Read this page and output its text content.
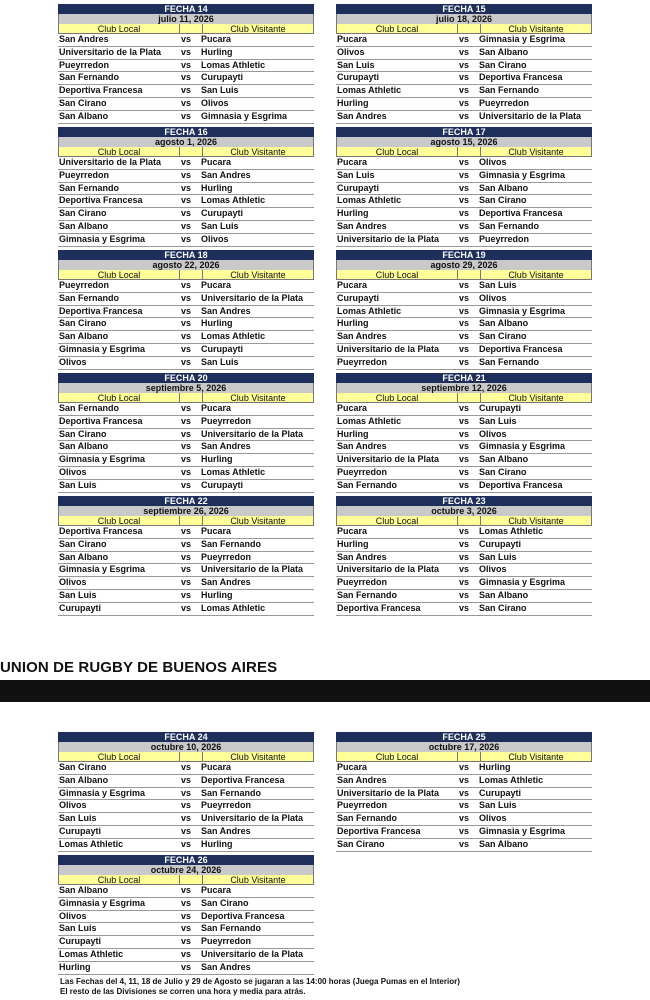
FECHA 14
julio 11, 2026
Club Local	Club Visitante
San Andres	vs	Pucara
Universitario de la Plata	vs	Hurling
Pueyrredon	vs	Lomas Athletic
San Fernando	vs	Curupayti
Deportiva Francesa	vs	San Luis
San Cirano	vs	Olivos
San Albano	vs	Gimnasia y Esgrima
FECHA 15
julio 18, 2026
Club Local	Club Visitante
Pucara	vs	Gimnasia y Esgrima
Olivos	vs	San Albano
San Luis	vs	San Cirano
Curupayti	vs	Deportiva Francesa
Lomas Athletic	vs	San Fernando
Hurling	vs	Pueyrredon
San Andres	vs	Universitario de la Plata
FECHA 16
agosto 1, 2026
Club Local	Club Visitante
Universitario de la Plata	vs	Pucara
Pueyrredon	vs	San Andres
San Fernando	vs	Hurling
Deportiva Francesa	vs	Lomas Athletic
San Cirano	vs	Curupayti
San Albano	vs	San Luis
Gimnasia y Esgrima	vs	Olivos
FECHA 17
agosto 15, 2026
Club Local	Club Visitante
Pucara	vs	Olivos
San Luis	vs	Gimnasia y Esgrima
Curupayti	vs	San Albano
Lomas Athletic	vs	San Cirano
Hurling	vs	Deportiva Francesa
San Andres	vs	San Fernando
Universitario de la Plata	vs	Pueyrredon
FECHA 18
agosto 22, 2026
Club Local	Club Visitante
Pueyrredon	vs	Pucara
San Fernando	vs	Universitario de la Plata
Deportiva Francesa	vs	San Andres
San Cirano	vs	Hurling
San Albano	vs	Lomas Athletic
Gimnasia y Esgrima	vs	Curupayti
Olivos	vs	San Luis
FECHA 19
agosto 29, 2026
Club Local	Club Visitante
Pucara	vs	San Luis
Curupayti	vs	Olivos
Lomas Athletic	vs	Gimnasia y Esgrima
Hurling	vs	San Albano
San Andres	vs	San Cirano
Universitario de la Plata	vs	Deportiva Francesa
Pueyrredon	vs	San Fernando
FECHA 20
septiembre 5, 2026
Club Local	Club Visitante
San Fernando	vs	Pucara
Deportiva Francesa	vs	Pueyrredon
San Cirano	vs	Universitario de la Plata
San Albano	vs	San Andres
Gimnasia y Esgrima	vs	Hurling
Olivos	vs	Lomas Athletic
San Luis	vs	Curupayti
FECHA 21
septiembre 12, 2026
Club Local	Club Visitante
Pucara	vs	Curupayti
Lomas Athletic	vs	San Luis
Hurling	vs	Olivos
San Andres	vs	Gimnasia y Esgrima
Universitario de la Plata	vs	San Albano
Pueyrredon	vs	San Cirano
San Fernando	vs	Deportiva Francesa
FECHA 22
septiembre 26, 2026
Club Local	Club Visitante
Deportiva Francesa	vs	Pucara
San Cirano	vs	San Fernando
San Albano	vs	Pueyrredon
Gimnasia y Esgrima	vs	Universitario de la Plata
Olivos	vs	San Andres
San Luis	vs	Hurling
Curupayti	vs	Lomas Athletic
FECHA 23
octubre 3, 2026
Club Local	Club Visitante
Pucara	vs	Lomas Athletic
Hurling	vs	Curupayti
San Andres	vs	San Luis
Universitario de la Plata	vs	Olivos
Pueyrredon	vs	Gimnasia y Esgrima
San Fernando	vs	San Albano
Deportiva Francesa	vs	San Cirano
FECHA 24
octubre 10, 2026
Club Local	Club Visitante
San Cirano	vs	Pucara
San Albano	vs	Deportiva Francesa
Gimnasia y Esgrima	vs	San Fernando
Olivos	vs	Pueyrredon
San Luis	vs	Universitario de la Plata
Curupayti	vs	San Andres
Lomas Athletic	vs	Hurling
FECHA 25
octubre 17, 2026
Club Local	Club Visitante
Pucara	vs	Hurling
San Andres	vs	Lomas Athletic
Universitario de la Plata	vs	Curupayti
Pueyrredon	vs	San Luis
San Fernando	vs	Olivos
Deportiva Francesa	vs	Gimnasia y Esgrima
San Cirano	vs	San Albano
FECHA 26
octubre 24, 2026
Club Local	Club Visitante
San Albano	vs	Pucara
Gimnasia y Esgrima	vs	San Cirano
Olivos	vs	Deportiva Francesa
San Luis	vs	San Fernando
Curupayti	vs	Pueyrredon
Lomas Athletic	vs	Universitario de la Plata
Hurling	vs	San Andres
UNION DE RUGBY DE BUENOS AIRES
Las Fechas del 4, 11, 18 de Julio y 29 de Agosto se jugaran a las 14:00 horas (Juega Pumas en el Interior)
El resto de las Divisiones se corren una hora y media para atrás.
